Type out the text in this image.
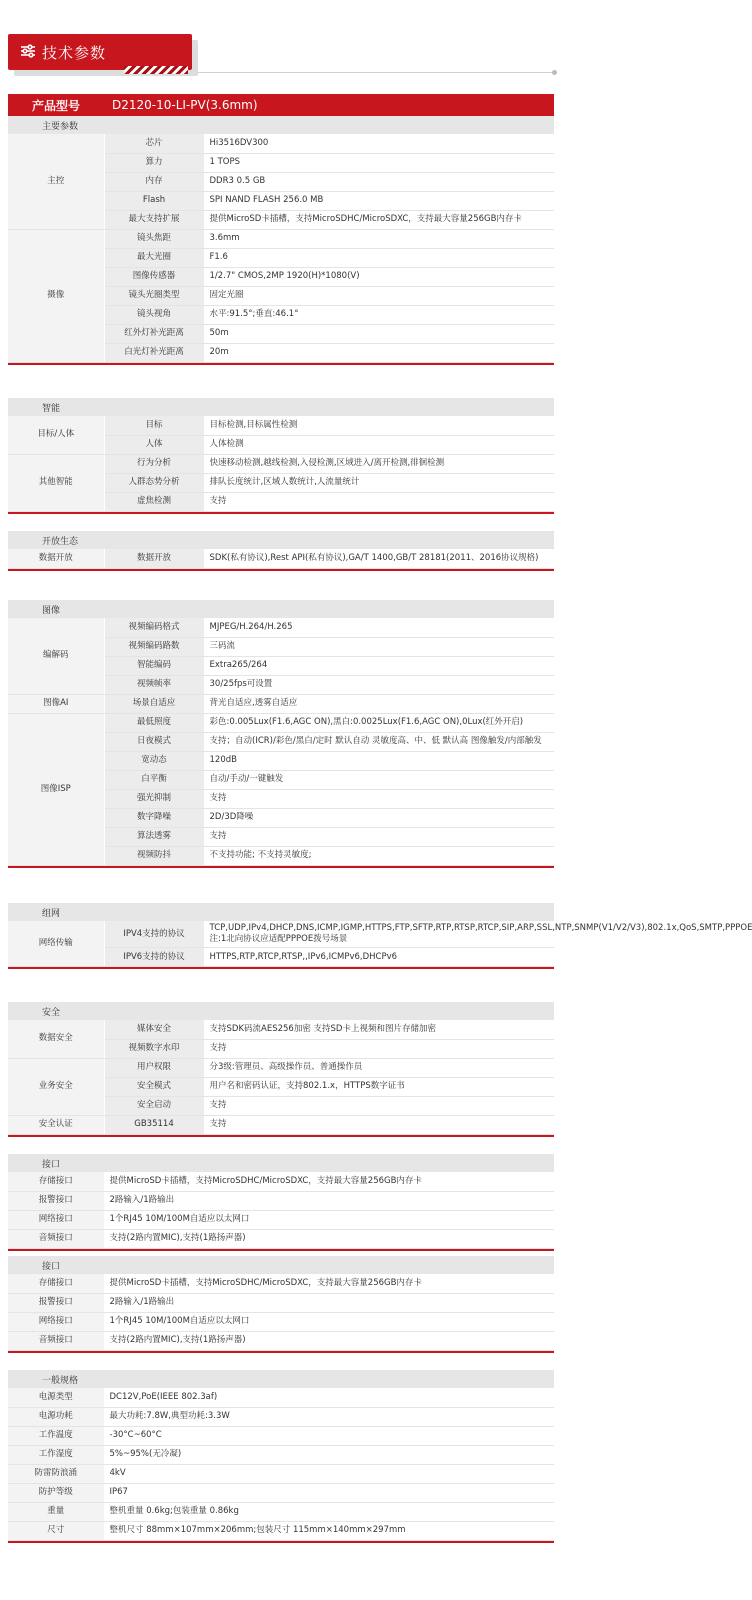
技术参数
产品型号	D2120-10-LI-PV(3.6mm)
主要参数
主控	芯片	Hi3516DV300
	算力	1 TOPS
	内存	DDR3 0.5 GB
	Flash	SPI NAND FLASH 256.0 MB
	最大支持扩展	提供MicroSD卡插槽，支持MicroSDHC/MicroSDXC，支持最大容量256GB内存卡
摄像	镜头焦距	3.6mm
	最大光圈	F1.6
	图像传感器	1/2.7" CMOS,2MP 1920(H)*1080(V)
	镜头光圈类型	固定光圈
	镜头视角	水平:91.5°;垂直:46.1°
	红外灯补光距离	50m
	白光灯补光距离	20m
智能
目标/人体	目标	目标检测,目标属性检测
	人体	人体检测
其他智能	行为分析	快速移动检测,越线检测,入侵检测,区域进入/离开检测,徘徊检测
	人群态势分析	排队长度统计,区域人数统计,人流量统计
	虚焦检测	支持
开放生态
数据开放	数据开放	SDK(私有协议),Rest API(私有协议),GA/T 1400,GB/T 28181(2011、2016协议规格)
图像
编解码	视频编码格式	MJPEG/H.264/H.265
	视频编码路数	三码流
	智能编码	Extra265/264
	视频帧率	30/25fps可设置
图像AI	场景自适应	背光自适应,透雾自适应
图像ISP	最低照度	彩色:0.005Lux(F1.6,AGC ON),黑白:0.0025Lux(F1.6,AGC ON),0Lux(红外开启)
	日夜模式	支持；自动(ICR)/彩色/黑白/定时 默认自动 灵敏度高、中、低 默认高 图像触发/内部触发
	宽动态	120dB
	白平衡	自动/手动/一键触发
	强光抑制	支持
	数字降噪	2D/3D降噪
	算法透雾	支持
	视频防抖	不支持功能; 不支持灵敏度;
组网
网络传输	IPV4支持的协议	TCP,UDP,IPv4,DHCP,DNS,ICMP,IGMP,HTTPS,FTP,SFTP,RTP,RTSP,RTCP,SIP,ARP,SSL,NTP,SNMP(V1/V2/V3),802.1x,QoS,SMTP,PPPOE 注:1北向协议应适配PPPOE拨号场景
	IPV6支持的协议	HTTPS,RTP,RTCP,RTSP,,IPv6,ICMPv6,DHCPv6
安全
数据安全	媒体安全	支持SDK码流AES256加密 支持SD卡上视频和图片存储加密
	视频数字水印	支持
业务安全	用户权限	分3级:管理员、高级操作员、普通操作员
	安全模式	用户名和密码认证，支持802.1.x，HTTPS数字证书
	安全启动	支持
安全认证	GB35114	支持
接口
存储接口	提供MicroSD卡插槽，支持MicroSDHC/MicroSDXC，支持最大容量256GB内存卡
报警接口	2路输入/1路输出
网络接口	1个RJ45 10M/100M自适应以太网口
音频接口	支持(2路内置MIC),支持(1路扬声器)
接口
存储接口	提供MicroSD卡插槽，支持MicroSDHC/MicroSDXC，支持最大容量256GB内存卡
报警接口	2路输入/1路输出
网络接口	1个RJ45 10M/100M自适应以太网口
音频接口	支持(2路内置MIC),支持(1路扬声器)
一般规格
电源类型	DC12V,PoE(IEEE 802.3af)
电源功耗	最大功耗:7.8W,典型功耗:3.3W
工作温度	-30°C~60°C
工作湿度	5%~95%(无冷凝)
防雷防浪涌	4kV
防护等级	IP67
重量	整机重量 0.6kg;包装重量 0.86kg
尺寸	整机尺寸 88mm×107mm×206mm;包装尺寸 115mm×140mm×297mm
